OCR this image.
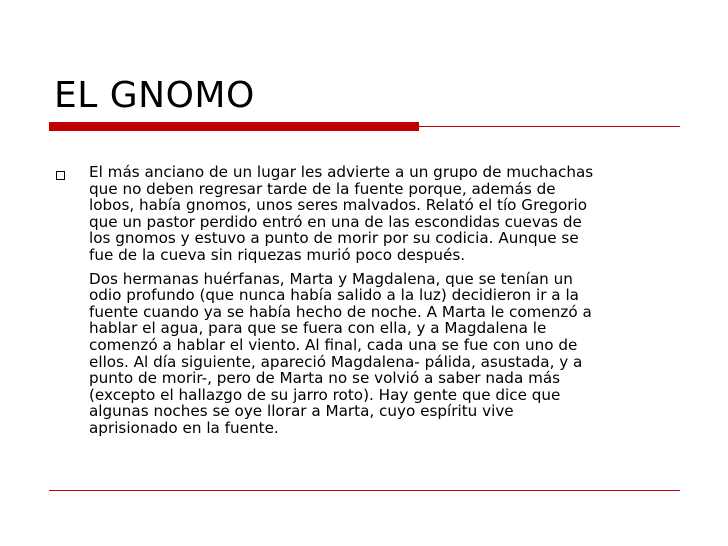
EL GNOMO

El más anciano de un lugar les advierte a un grupo de muchachas
que no deben regresar tarde de la fuente porque, además de
lobos, había gnomos, unos seres malvados. Relató el tío Gregorio
que un pastor perdido entró en una de las escondidas cuevas de
los gnomos y estuvo a punto de morir por su codicia. Aunque se
fue de la cueva sin riquezas murió poco después.

Dos hermanas huérfanas, Marta y Magdalena, que se tenían un
odio profundo (que nunca había salido a la luz) decidieron ir a la
fuente cuando ya se había hecho de noche. A Marta le comenzó a
hablar el agua, para que se fuera con ella, y a Magdalena le
comenzó a hablar el viento. Al final, cada una se fue con uno de
ellos. Al día siguiente, apareció Magdalena- pálida, asustada, y a
punto de morir-, pero de Marta no se volvió a saber nada más
(excepto el hallazgo de su jarro roto). Hay gente que dice que
algunas noches se oye llorar a Marta, cuyo espíritu vive
aprisionado en la fuente.
